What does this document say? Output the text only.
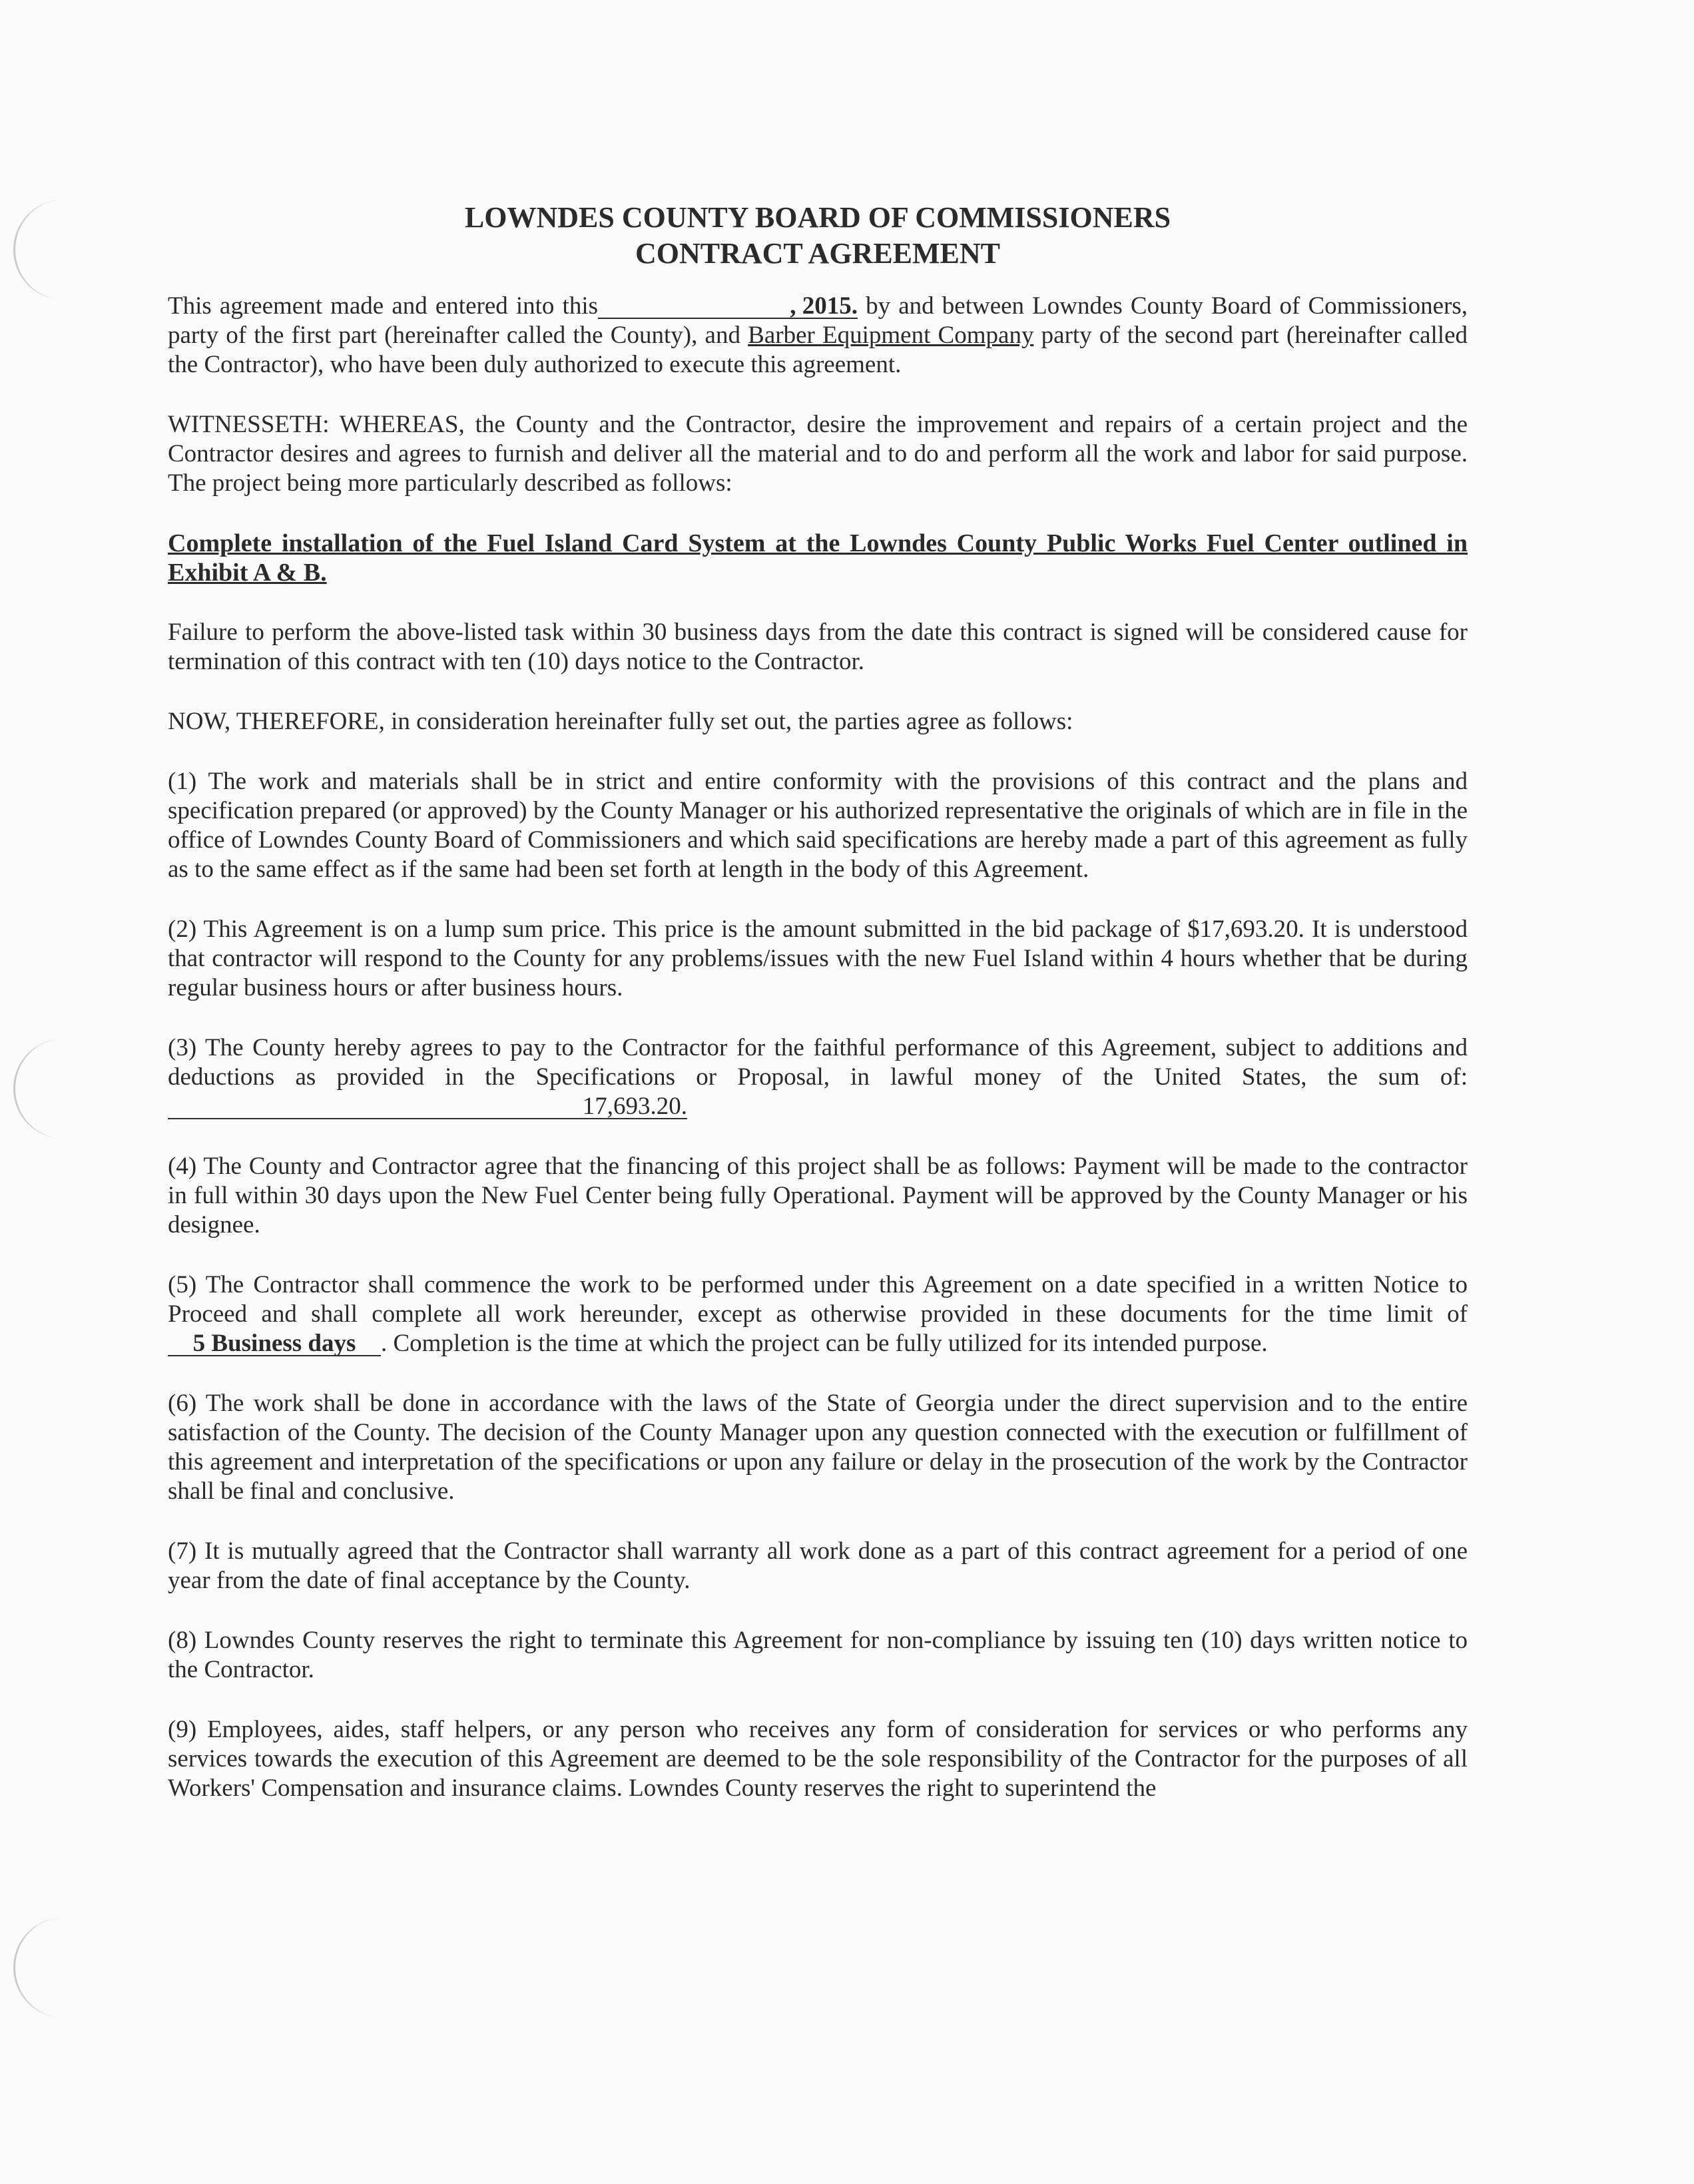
LOWNDES COUNTY BOARD OF COMMISSIONERS
CONTRACT AGREEMENT

This agreement made and entered into this	, 2015. by and between Lowndes County Board of Commissioners, party of the first part (hereinafter called the County), and Barber Equipment Company party of the second part (hereinafter called the Contractor), who have been duly authorized to execute this agreement.

WITNESSETH: WHEREAS, the County and the Contractor, desire the improvement and repairs of a certain project and the Contractor desires and agrees to furnish and deliver all the material and to do and perform all the work and labor for said purpose. The project being more particularly described as follows:

Complete installation of the Fuel Island Card System at the Lowndes County Public Works Fuel Center outlined in Exhibit A & B.

Failure to perform the above-listed task within 30 business days from the date this contract is signed will be considered cause for termination of this contract with ten (10) days notice to the Contractor.

NOW, THEREFORE, in consideration hereinafter fully set out, the parties agree as follows:

(1) The work and materials shall be in strict and entire conformity with the provisions of this contract and the plans and specification prepared (or approved) by the County Manager or his authorized representative the originals of which are in file in the office of Lowndes County Board of Commissioners and which said specifications are hereby made a part of this agreement as fully as to the same effect as if the same had been set forth at length in the body of this Agreement.

(2) This Agreement is on a lump sum price. This price is the amount submitted in the bid package of $17,693.20. It is understood that contractor will respond to the County for any problems/issues with the new Fuel Island within 4 hours whether that be during regular business hours or after business hours.

(3) The County hereby agrees to pay to the Contractor for the faithful performance of this Agreement, subject to additions and deductions as provided in the Specifications or Proposal, in lawful money of the United States, the sum of:17,693.20.

(4) The County and Contractor agree that the financing of this project shall be as follows: Payment will be made to the contractor in full within 30 days upon the New Fuel Center being fully Operational. Payment will be approved by the County Manager or his designee.

(5) The Contractor shall commence the work to be performed under this Agreement on a date specified in a written Notice to Proceed and shall complete all work hereunder, except as otherwise provided in these documents for the time limit of 5 Business days . Completion is the time at which the project can be fully utilized for its intended purpose.

(6) The work shall be done in accordance with the laws of the State of Georgia under the direct supervision and to the entire satisfaction of the County. The decision of the County Manager upon any question connected with the execution or fulfillment of this agreement and interpretation of the specifications or upon any failure or delay in the prosecution of the work by the Contractor shall be final and conclusive.

(7) It is mutually agreed that the Contractor shall warranty all work done as a part of this contract agreement for a period of one year from the date of final acceptance by the County.

(8) Lowndes County reserves the right to terminate this Agreement for non-compliance by issuing ten (10) days written notice to the Contractor.

(9) Employees, aides, staff helpers, or any person who receives any form of consideration for services or who performs any services towards the execution of this Agreement are deemed to be the sole responsibility of the Contractor for the purposes of all Workers' Compensation and insurance claims. Lowndes County reserves the right to superintend the
